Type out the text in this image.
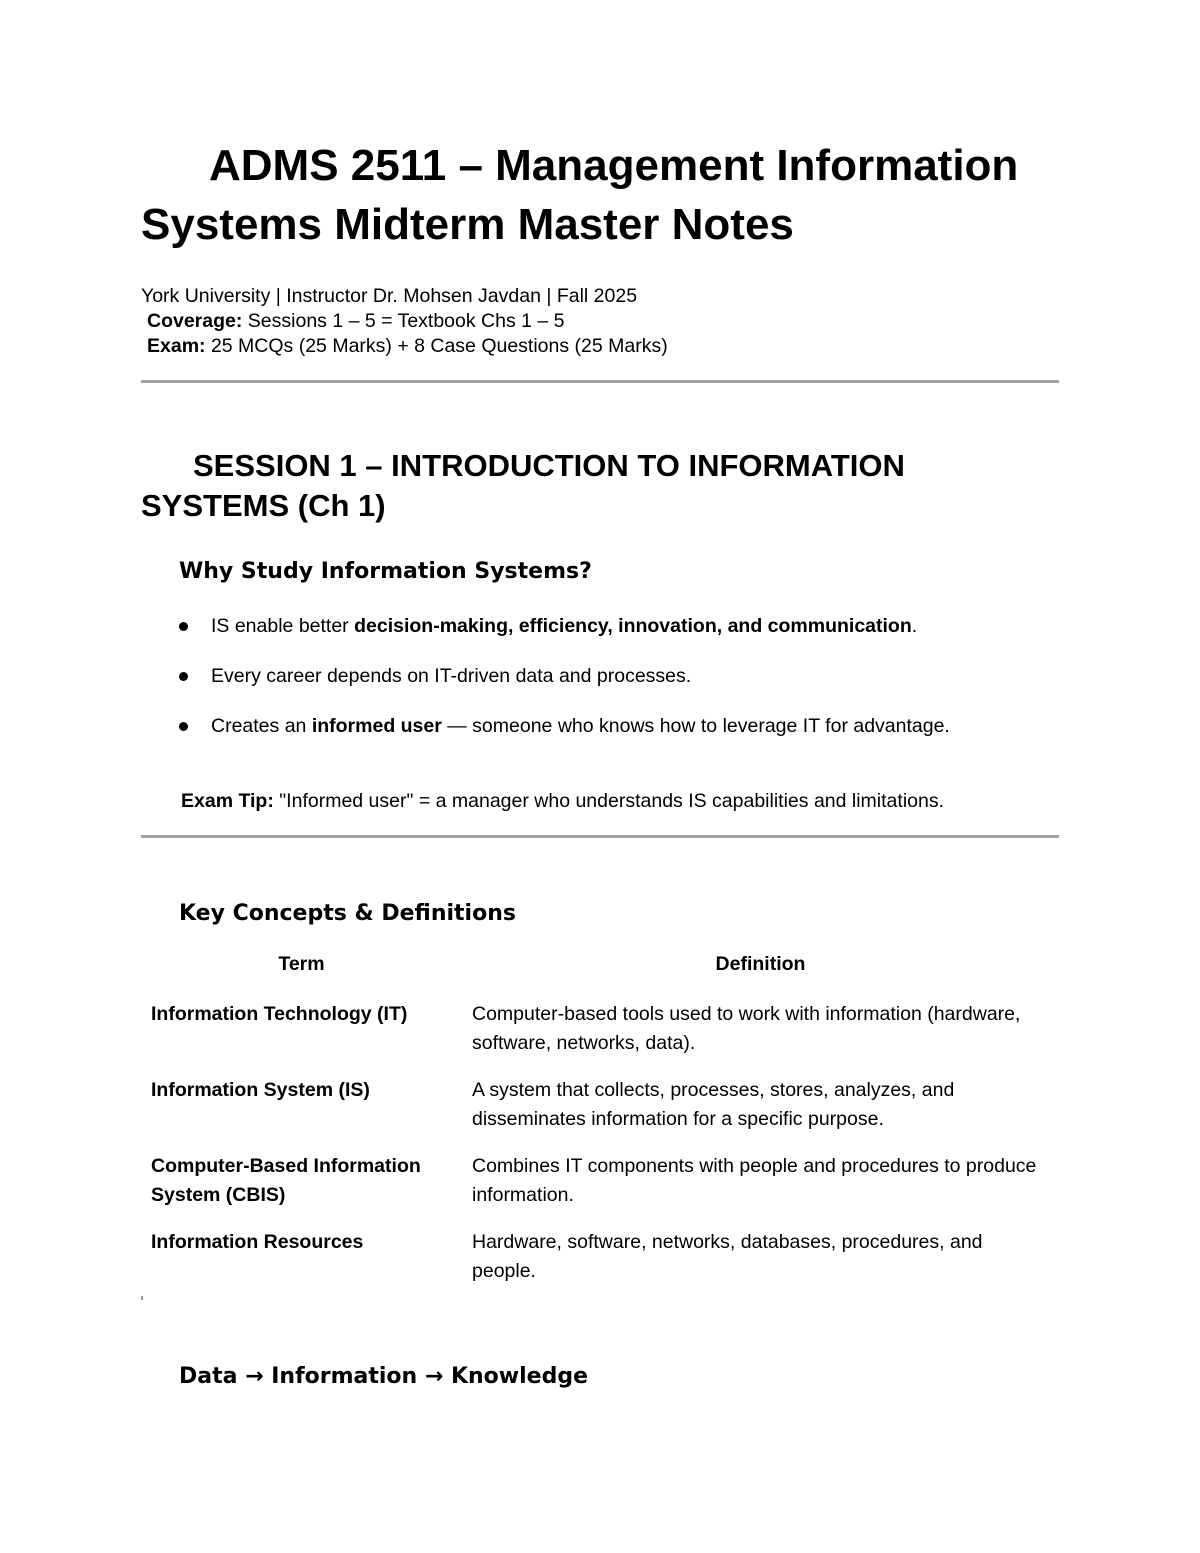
ADMS 2511 – Management Information
Systems Midterm Master Notes
York University | Instructor Dr. Mohsen Javdan | Fall 2025
Coverage: Sessions 1 – 5 = Textbook Chs 1 – 5
Exam: 25 MCQs (25 Marks) + 8 Case Questions (25 Marks)
SESSION 1 – INTRODUCTION TO INFORMATION
SYSTEMS (Ch 1)
Why Study Information Systems?
IS enable better decision-making, efficiency, innovation, and communication.
Every career depends on IT-driven data and processes.
Creates an informed user — someone who knows how to leverage IT for advantage.
Exam Tip: "Informed user" = a manager who understands IS capabilities and limitations.
Key Concepts & Definitions
Term	Definition
Information Technology (IT)	Computer-based tools used to work with information (hardware, software, networks, data).
Information System (IS)	A system that collects, processes, stores, analyzes, and disseminates information for a specific purpose.
Computer-Based Information System (CBIS)	Combines IT components with people and procedures to produce information.
Information Resources	Hardware, software, networks, databases, procedures, and people.
Data → Information → Knowledge
